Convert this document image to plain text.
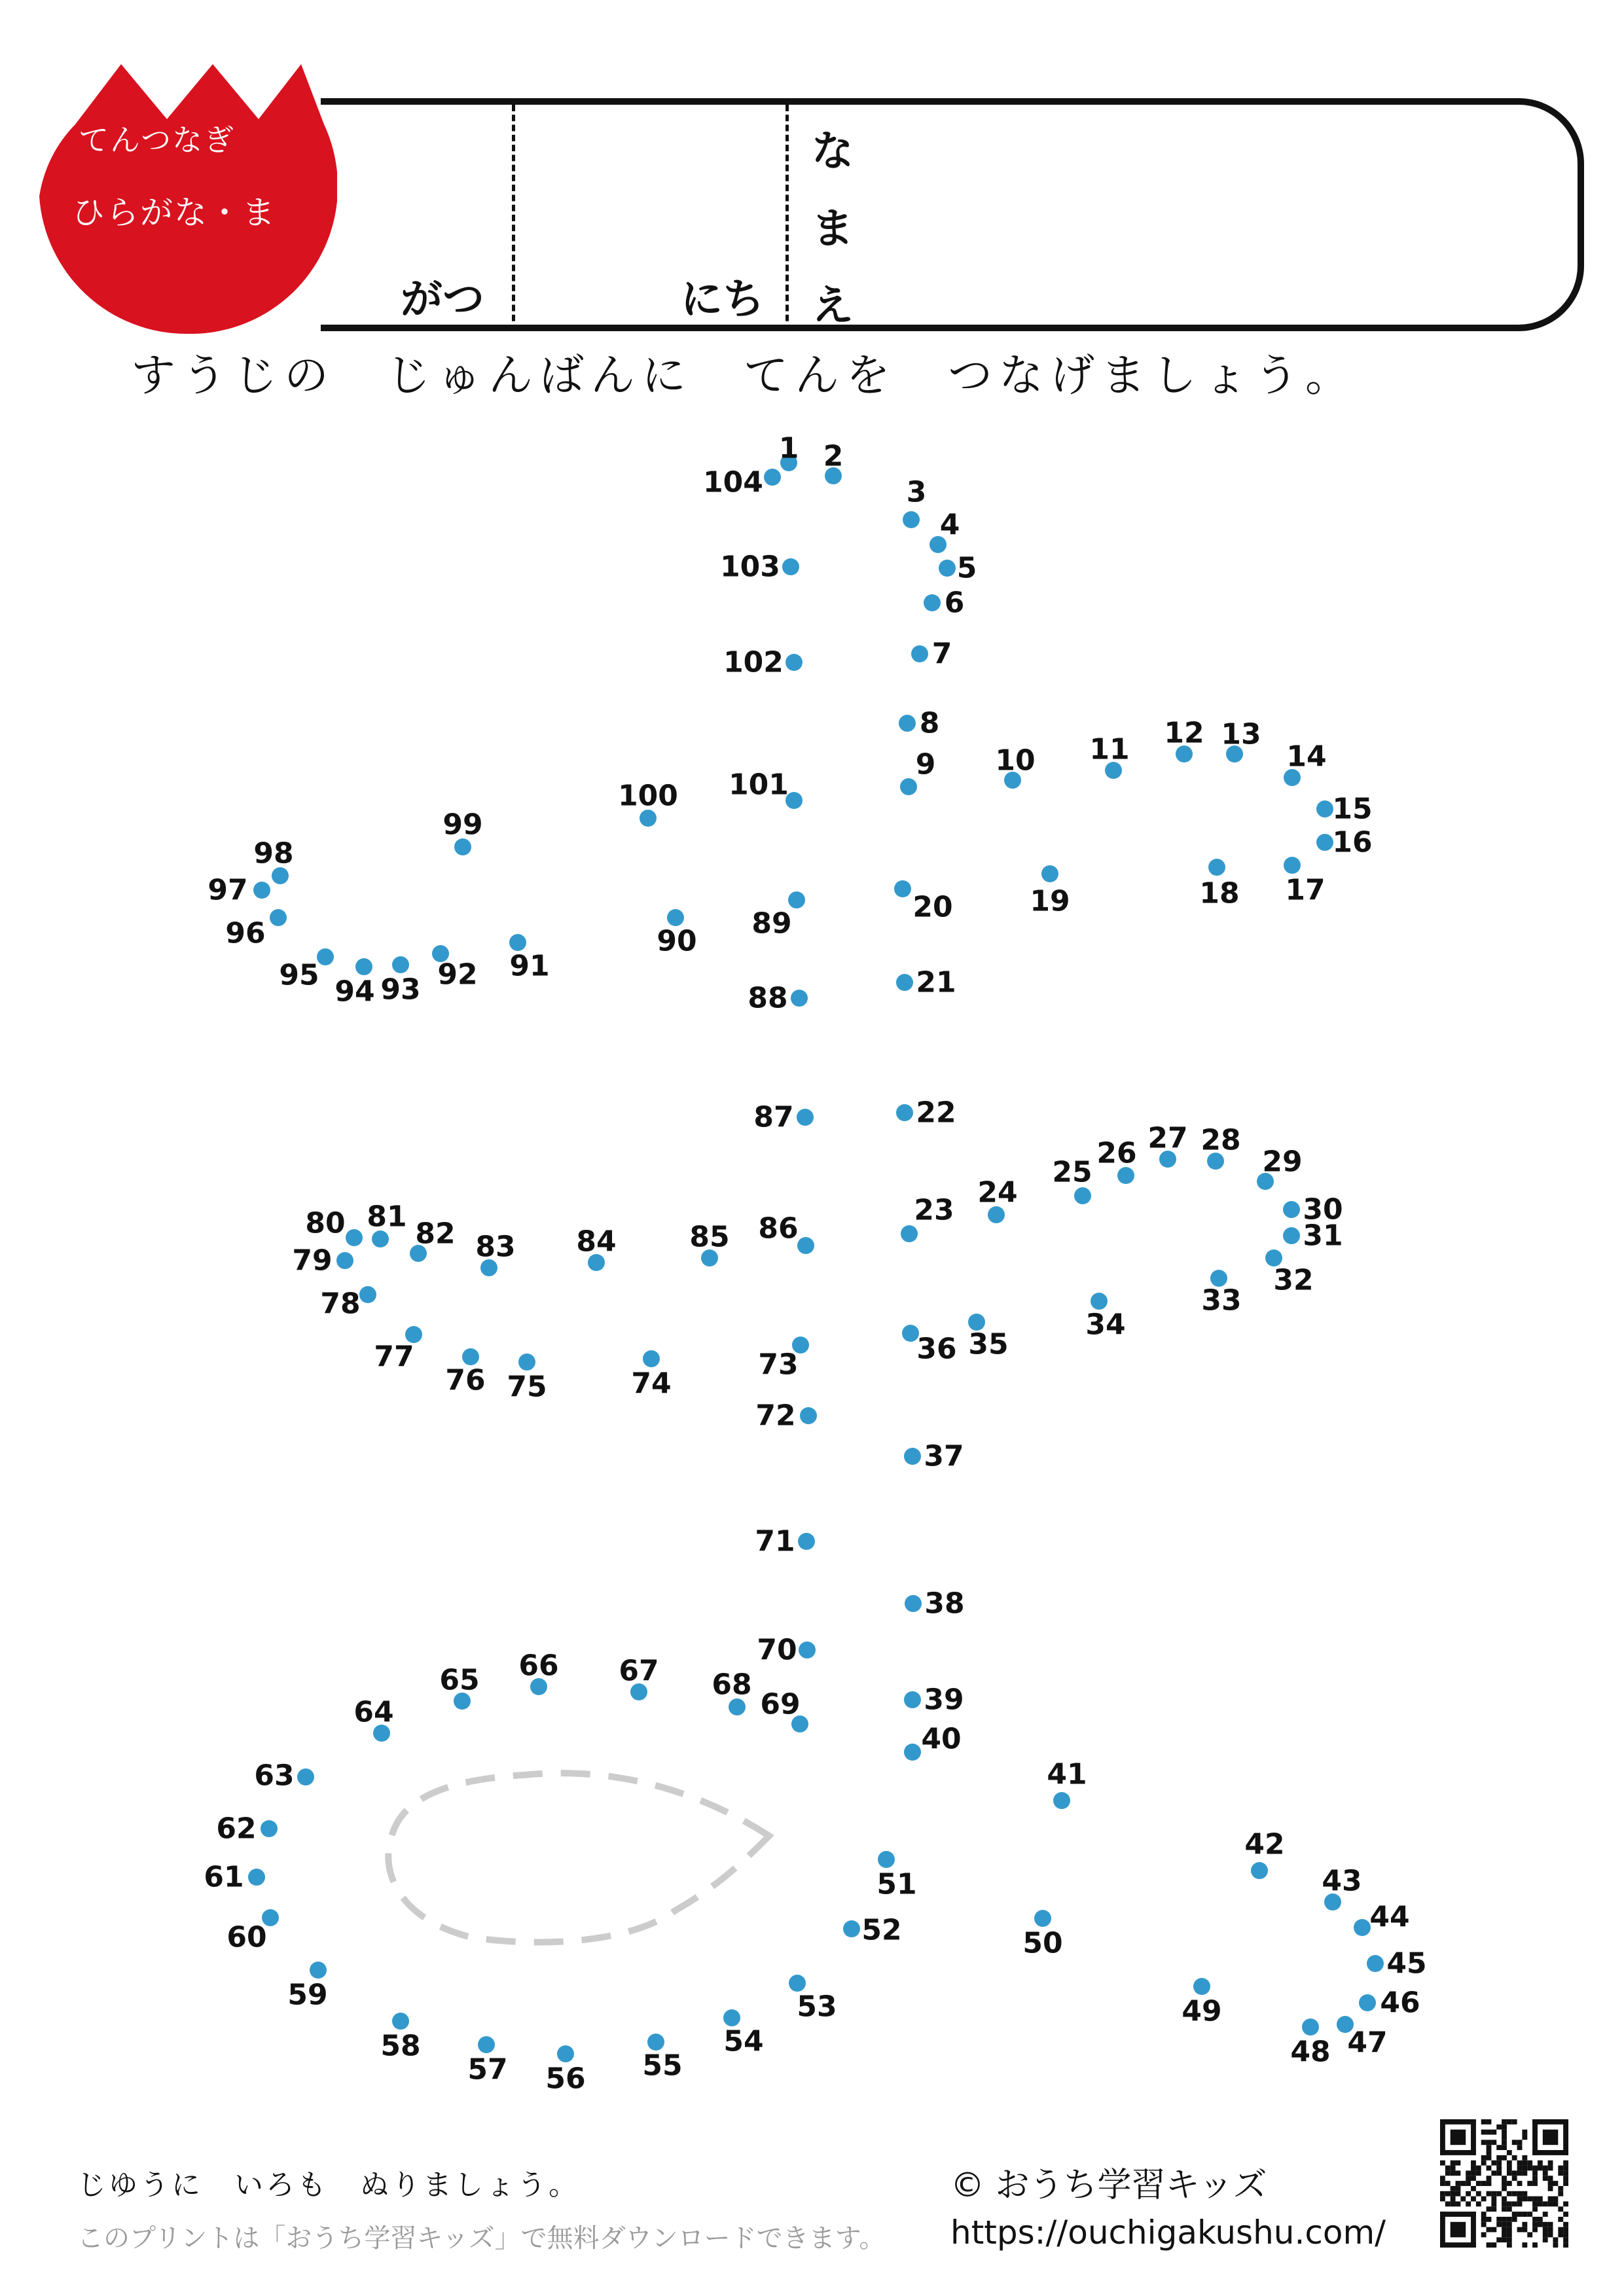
てんつなぎ
ひらがな・ま
がつ	にち
な
ま
え
すうじの　じゅんばんに　てんを　つなげましょう。
1 2
3
4
5
6
7
8
9 10 11 12 13
14
15
16
17
18
19
20
21
22
23
24
25
26 27 28
29
30
31
32
33
34
35
36
37
38
39
40
41
42
43
44
45
46
47
48
49
50
51
52
53
54
55
56
57
58
59
60
61
62
63
64
65 66 67 68
69
70
71
72
73
74
75
76
77
78
79
80 81
82 83 84	85 86
87
88
89
90
91
92
93
94
95
96
97
98
99
100 101
102
103
104
じゆうに　いろも　ぬりましょう。
このプリントは「おうち学習キッズ」で無料ダウンロードできます。
© おうち学習キッズ
https://ouchigakushu.com/
